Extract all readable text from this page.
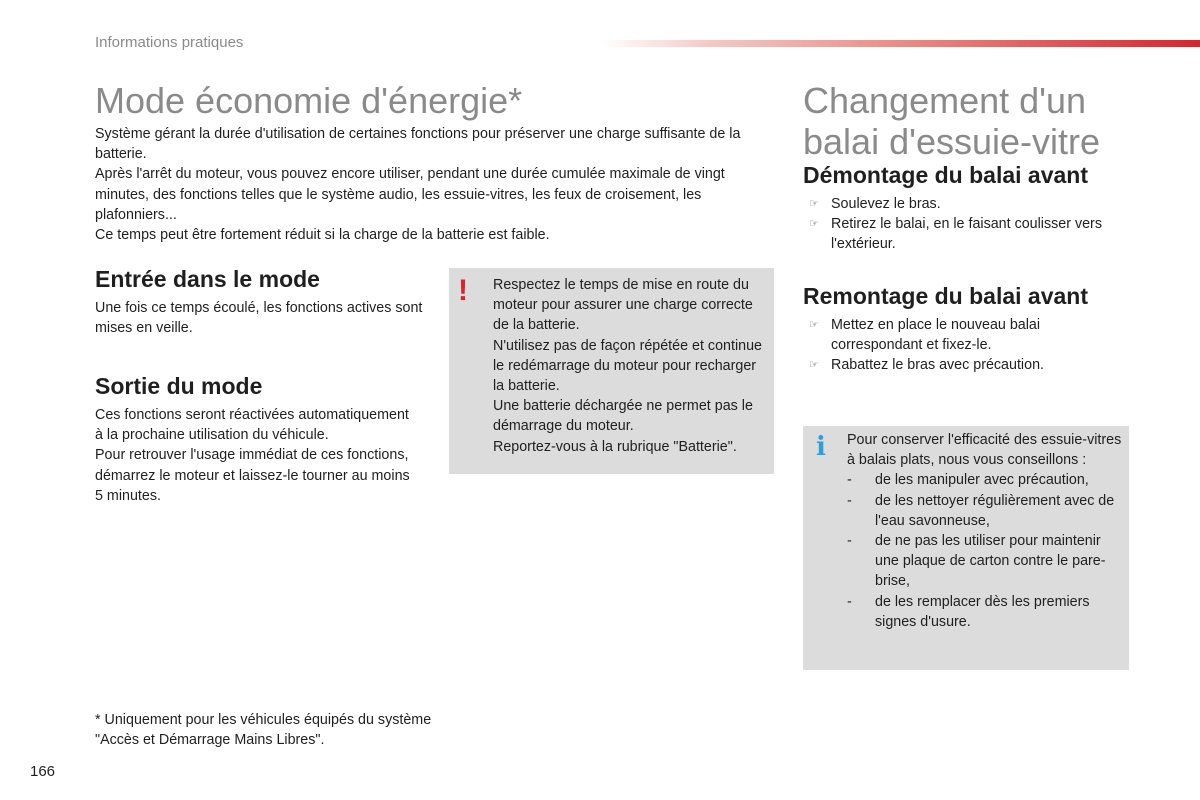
Informations pratiques
Mode économie d'énergie*

Système gérant la durée d'utilisation de certaines fonctions pour préserver une charge suffisante de la batterie.

Après l'arrêt du moteur, vous pouvez encore utiliser, pendant une durée cumulée maximale de vingt minutes, des fonctions telles que le système audio, les essuie-vitres, les feux de croisement, les plafonniers...

Ce temps peut être fortement réduit si la charge de la batterie est faible.

Entrée dans le mode

Une fois ce temps écoulé, les fonctions actives sont mises en veille.

Sortie du mode

Ces fonctions seront réactivées automatiquement à la prochaine utilisation du véhicule.

Pour retrouver l'usage immédiat de ces fonctions, démarrez le moteur et laissez-le tourner au moins 5 minutes.

! Respectez le temps de mise en route du moteur pour assurer une charge correcte de la batterie.

N'utilisez pas de façon répétée et continue le redémarrage du moteur pour recharger la batterie.

Une batterie déchargée ne permet pas le démarrage du moteur.

Reportez-vous à la rubrique "Batterie".

* Uniquement pour les véhicules équipés du système "Accès et Démarrage Mains Libres".

Changement d'un
balai d'essuie-vitre
Démontage du balai avant
☞ Soulevez le bras.
☞ Retirez le balai, en le faisant coulisser vers l'extérieur.
Remontage du balai avant
☞ Mettez en place le nouveau balai correspondant et fixez-le.
☞ Rabattez le bras avec précaution.
i Pour conserver l'efficacité des essuie-vitres à balais plats, nous vous conseillons :

- de les manipuler avec précaution,
- de les nettoyer régulièrement avec de l'eau savonneuse,
- de ne pas les utiliser pour maintenir une plaque de carton contre le pare-brise,
- de les remplacer dès les premiers signes d'usure.
166
